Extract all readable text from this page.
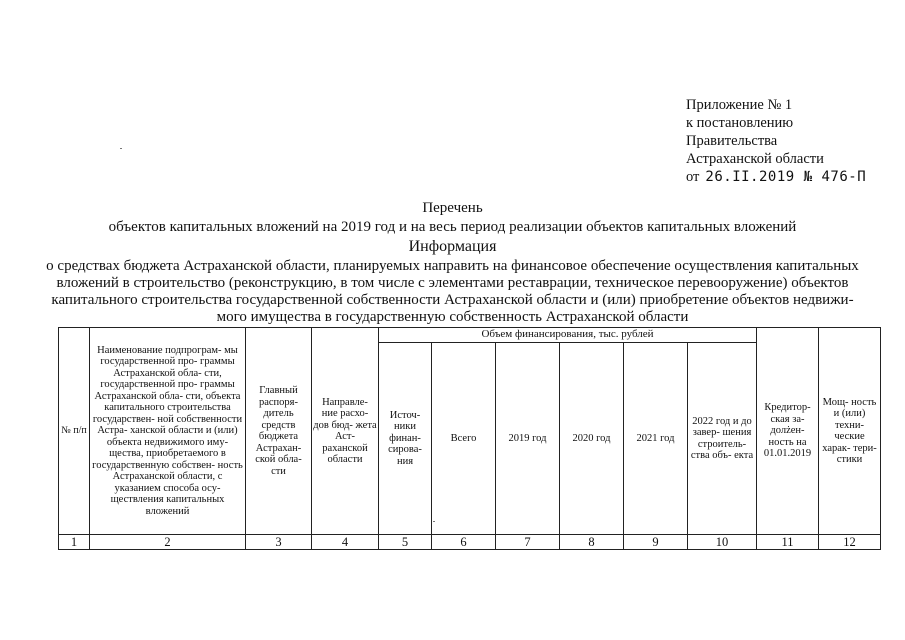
Приложение № 1
к постановлению
Правительства
Астраханской области
от 26.II.2019 № 476-П
Перечень
объектов капитальных вложений на 2019 год и на весь период реализации объектов капитальных вложений
Информация
о средствах бюджета Астраханской области, планируемых направить на финансовое обеспечение осуществления капитальных
вложений в строительство (реконструкцию, в том числе с элементами реставрации, техническое перевооружение) объектов
капитального строительства государственной собственности Астраханской области и (или) приобретение объектов недвижи-
мого имущества в государственную собственность Астраханской области
№ п/п	Наименование подпрограм- мы государственной про- граммы Астраханской обла- сти, государственной про- граммы Астраханской обла- сти, объекта капитального строительства государствен- ной собственности Астра- ханской области и (или) объекта недвижимого иму- щества, приобретаемого в государственную собствен- ность Астраханской области, с указанием способа осу- ществления капитальных вложений	Главный распоря- дитель средств бюджета Астрахан- ской обла- сти	Направле- ние расхо- дов бюд- жета Аст- раханской области	Объем финансирования, тыс. рублей						Кредитор- ская за- долżен- ность на 01.01.2019	Мощ- ность и (или) техни- ческие харак- тери- стики
				Источ- ники финан- сирова- ния	Всего	2019 год	2020 год	2021 год	2022 год и до завер- шения строитель- ства объ- екта		
1	2	3	4	5	6	7	8	9	10	11	12
